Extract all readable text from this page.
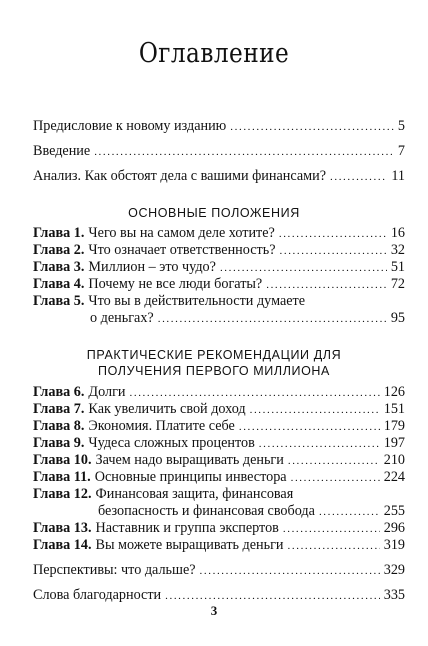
Оглавление
Предисловие к новому изданию .....	5
Введение .....	7
Анализ. Как обстоят дела с вашими финансами? .....	11
ОСНОВНЫЕ ПОЛОЖЕНИЯ
Глава 1. Чего вы на самом деле хотите? .....	16
Глава 2. Что означает ответственность? .....	32
Глава 3. Миллион – это чудо? .....	51
Глава 4. Почему не все люди богаты? .....	72
Глава 5. Что вы в действительности думаете
о деньгах? .....	95
ПРАКТИЧЕСКИЕ РЕКОМЕНДАЦИИ ДЛЯ
ПОЛУЧЕНИЯ ПЕРВОГО МИЛЛИОНА
Глава 6. Долги .....	126
Глава 7. Как увеличить свой доход .....	151
Глава 8. Экономия. Платите себе .....	179
Глава 9. Чудеса сложных процентов .....	197
Глава 10. Зачем надо выращивать деньги .....	210
Глава 11. Основные принципы инвестора .....	224
Глава 12. Финансовая защита, финансовая
безопасность и финансовая свобода .....	255
Глава 13. Наставник и группа экспертов .....	296
Глава 14. Вы можете выращивать деньги .....	319
Перспективы: что дальше? .....	329
Слова благодарности .....	335
3
